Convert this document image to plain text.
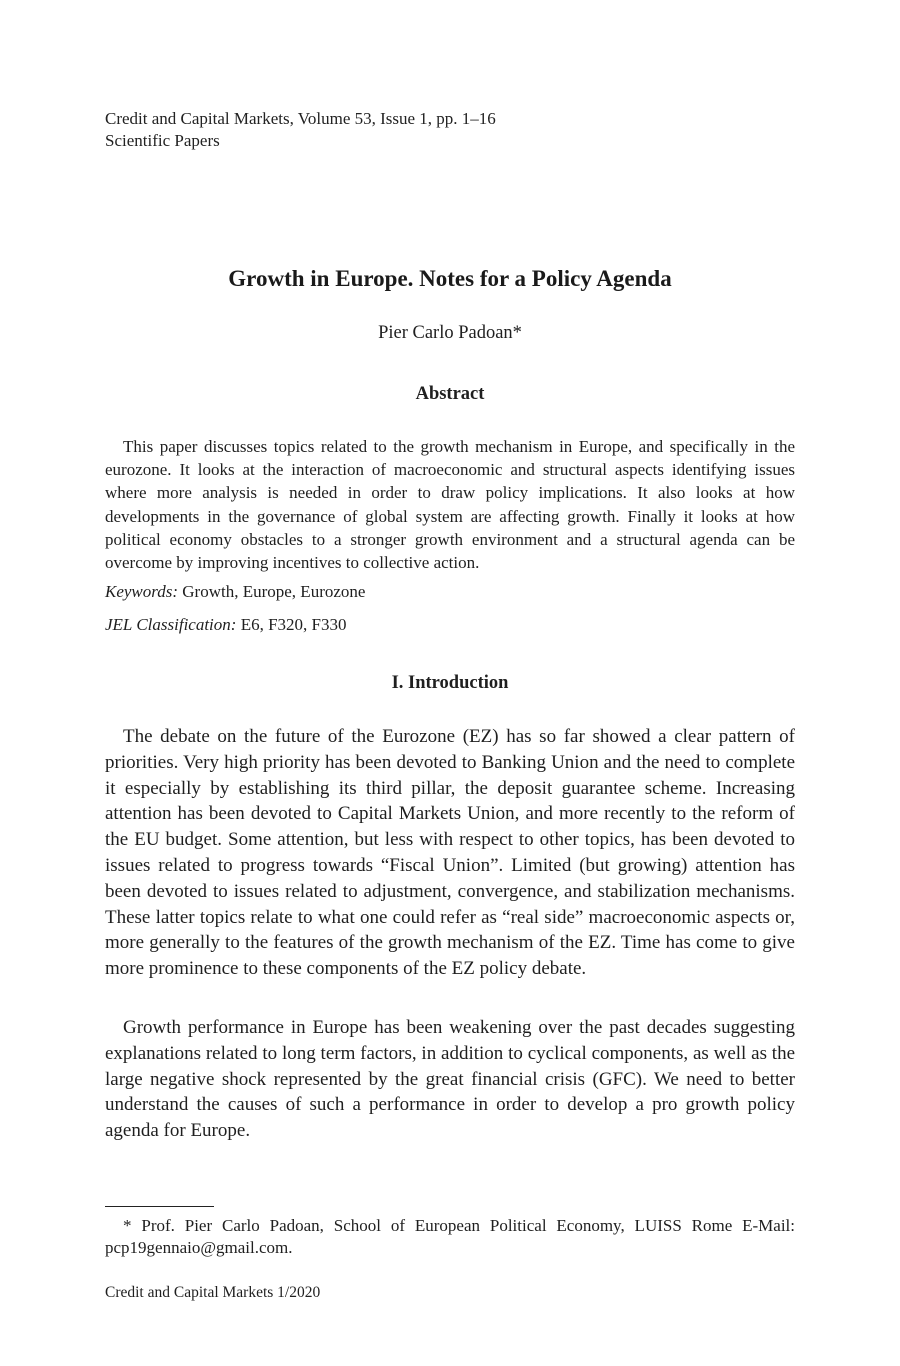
Credit and Capital Markets, Volume 53, Issue 1, pp. 1–16
Scientific Papers
Growth in Europe. Notes for a Policy Agenda
Pier Carlo Padoan*
Abstract
This paper discusses topics related to the growth mechanism in Europe, and specifically in the eurozone. It looks at the interaction of macroeconomic and structural aspects identifying issues where more analysis is needed in order to draw policy implications. It also looks at how developments in the governance of global system are affecting growth. Finally it looks at how political economy obstacles to a stronger growth environment and a structural agenda can be overcome by improving incentives to collective action.
Keywords: Growth, Europe, Eurozone
JEL Classification: E6, F320, F330
I. Introduction
The debate on the future of the Eurozone (EZ) has so far showed a clear pattern of priorities. Very high priority has been devoted to Banking Union and the need to complete it especially by establishing its third pillar, the deposit guarantee scheme. Increasing attention has been devoted to Capital Markets Union, and more recently to the reform of the EU budget. Some attention, but less with respect to other topics, has been devoted to issues related to progress towards “Fiscal Union”. Limited (but growing) attention has been devoted to issues related to adjustment, convergence, and stabilization mechanisms. These latter topics relate to what one could refer as “real side” macroeconomic aspects or, more generally to the features of the growth mechanism of the EZ. Time has come to give more prominence to these components of the EZ policy debate.
Growth performance in Europe has been weakening over the past decades suggesting explanations related to long term factors, in addition to cyclical components, as well as the large negative shock represented by the great financial crisis (GFC). We need to better understand the causes of such a performance in order to develop a pro growth policy agenda for Europe.
* Prof. Pier Carlo Padoan, School of European Political Economy, LUISS Rome E-Mail: pcp19gennaio@gmail.com.
Credit and Capital Markets 1/2020
